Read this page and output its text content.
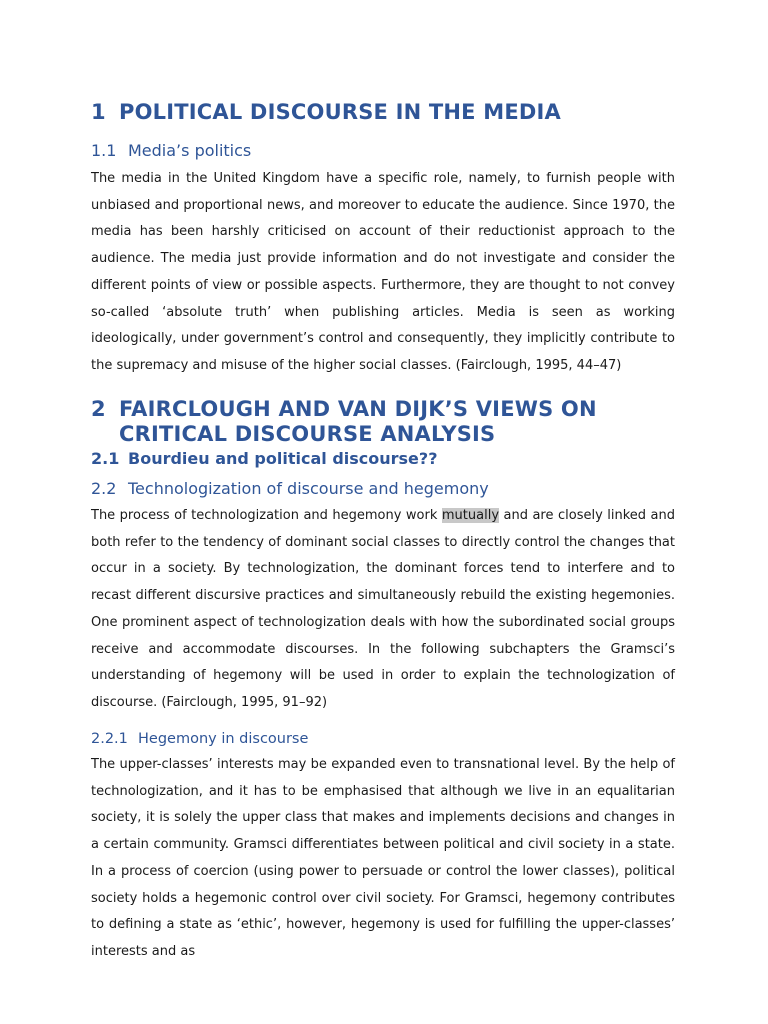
1 POLITICAL DISCOURSE IN THE MEDIA
1.1 Media’s politics

The media in the United Kingdom have a specific role, namely, to furnish people with unbiased and proportional news, and moreover to educate the audience. Since 1970, the media has been harshly criticised on account of their reductionist approach to the audience. The media just provide information and do not investigate and consider the different points of view or possible aspects. Furthermore, they are thought to not convey so-called ‘absolute truth’ when publishing articles. Media is seen as working ideologically, under government’s control and consequently, they implicitly contribute to the supremacy and misuse of the higher social classes. (Fairclough, 1995, 44–47)

2 FAIRCLOUGH AND VAN DIJK’S VIEWS ON CRITICAL DISCOURSE ANALYSIS
2.1 Bourdieu and political discourse??
2.2 Technologization of discourse and hegemony

The process of technologization and hegemony work mutually and are closely linked and both refer to the tendency of dominant social classes to directly control the changes that occur in a society. By technologization, the dominant forces tend to interfere and to recast different discursive practices and simultaneously rebuild the existing hegemonies. One prominent aspect of technologization deals with how the subordinated social groups receive and accommodate discourses. In the following subchapters the Gramsci’s understanding of hegemony will be used in order to explain the technologization of discourse. (Fairclough, 1995, 91–92)

2.2.1 Hegemony in discourse

The upper-classes’ interests may be expanded even to transnational level. By the help of technologization, and it has to be emphasised that although we live in an equalitarian society, it is solely the upper class that makes and implements decisions and changes in a certain community. Gramsci differentiates between political and civil society in a state. In a process of coercion (using power to persuade or control the lower classes), political society holds a hegemonic control over civil society. For Gramsci, hegemony contributes to defining a state as ‘ethic’, however, hegemony is used for fulfilling the upper-classes’ interests and as
